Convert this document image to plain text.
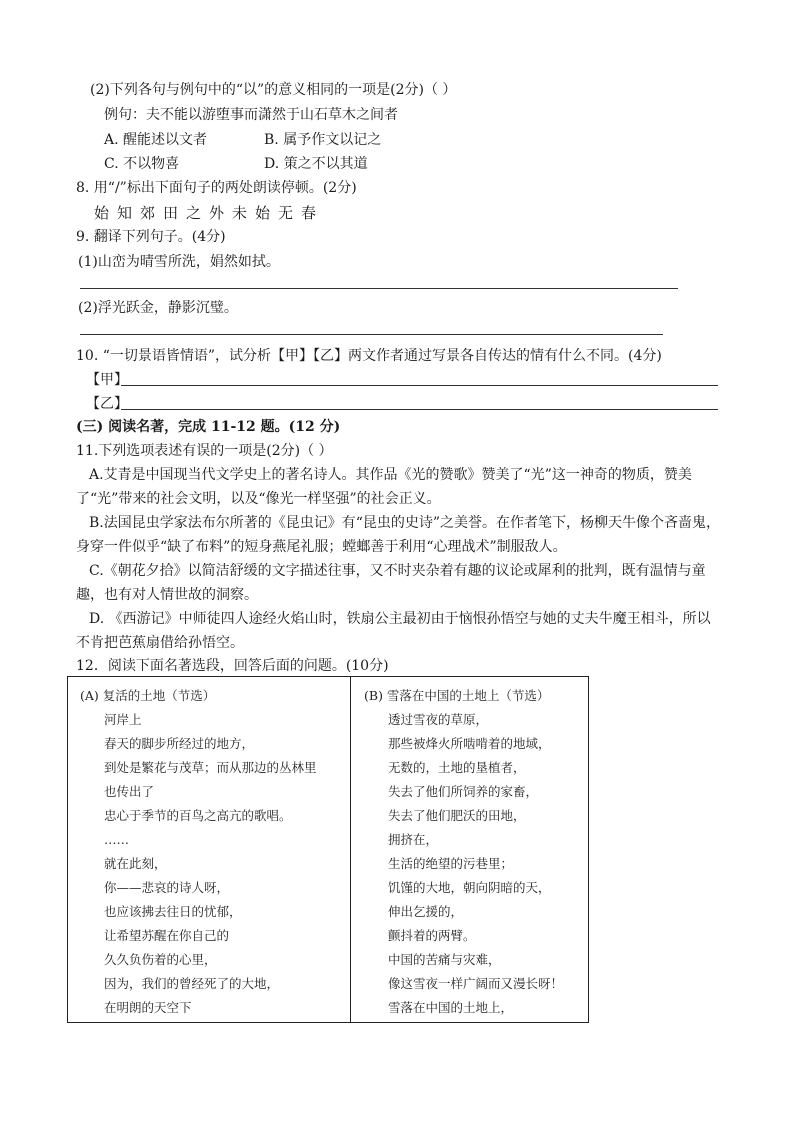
(2)下列各句与例句中的“以”的意义相同的一项是(2分)（ ）
例句：夫不能以游堕事而潇然于山石草木之间者
A. 醒能述以文者	B. 属予作文以记之
C. 不以物喜	D. 策之不以其道
8. 用“/”标出下面句子的两处朗读停顿。(2分)
始知郊田之外未始无春
9. 翻译下列句子。(4分)
(1)山峦为晴雪所洗，娟然如拭。
(2)浮光跃金，静影沉璧。
10. “一切景语皆情语”，试分析【甲】【乙】两文作者通过写景各自传达的情有什么不同。(4分)
【甲】
【乙】
(三) 阅读名著，完成 11-12 题。(12 分)
11.下列选项表述有误的一项是(2分)（ ）
A.艾青是中国现当代文学史上的著名诗人。其作品《光的赞歌》赞美了“光”这一神奇的物质，赞美了“光”带来的社会文明，以及“像光一样坚强”的社会正义。
B.法国昆虫学家法布尔所著的《昆虫记》有“昆虫的史诗”之美誉。在作者笔下，杨柳天牛像个吝啬鬼，身穿一件似乎“缺了布料”的短身燕尾礼服；螳螂善于利用“心理战术”制服敌人。
C.《朝花夕拾》以简洁舒缓的文字描述往事，又不时夹杂着有趣的议论或犀利的批判，既有温情与童趣，也有对人情世故的洞察。
D. 《西游记》中师徒四人途经火焰山时，铁扇公主最初由于恼恨孙悟空与她的丈夫牛魔王相斗，所以不肯把芭蕉扇借给孙悟空。
12．阅读下面名著选段，回答后面的问题。(10分)
(A) 复活的土地（节选）
河岸上
春天的脚步所经过的地方，
到处是繁花与茂草；而从那边的丛林里
也传出了
忠心于季节的百鸟之高亢的歌唱。
……
就在此刻，
你——悲哀的诗人呀，
也应该拂去往日的忧郁，
让希望苏醒在你自己的
久久负伤着的心里，
因为，我们的曾经死了的大地，
在明朗的天空下
(B) 雪落在中国的土地上（节选）
透过雪夜的草原，
那些被烽火所啮啃着的地域，
无数的，土地的垦植者，
失去了他们所饲养的家畜，
失去了他们肥沃的田地，
拥挤在，
生活的绝望的污巷里；
饥馑的大地，朝向阴暗的天，
伸出乞援的，
颤抖着的两臂。
中国的苦痛与灾难，
像这雪夜一样广阔而又漫长呀！
雪落在中国的土地上，
